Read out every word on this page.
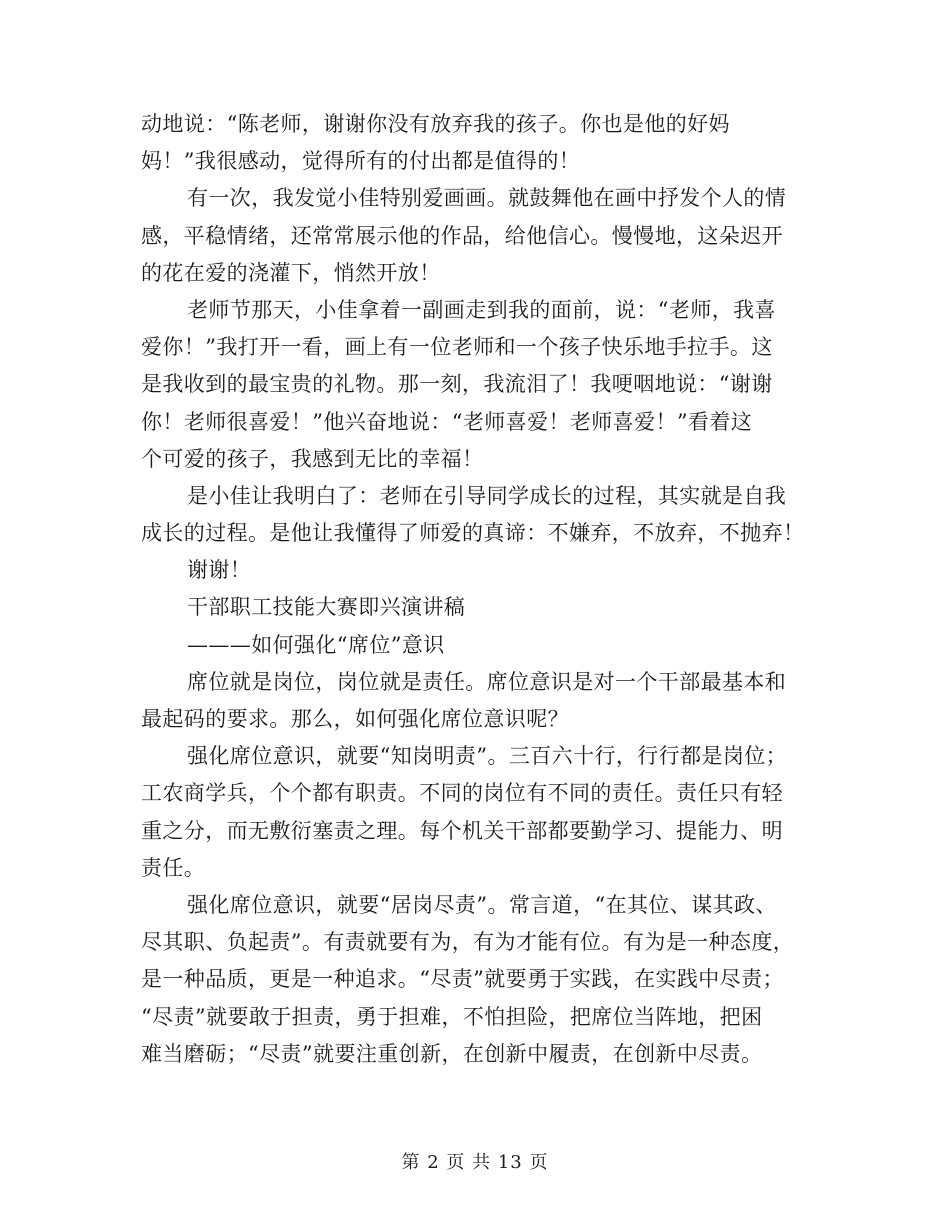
动地说：“陈老师，谢谢你没有放弃我的孩子。你也是他的好妈
妈！”我很感动，觉得所有的付出都是值得的！
有一次，我发觉小佳特别爱画画。就鼓舞他在画中抒发个人的情
感，平稳情绪，还常常展示他的作品，给他信心。慢慢地，这朵迟开
的花在爱的浇灌下，悄然开放！
老师节那天，小佳拿着一副画走到我的面前，说：“老师，我喜
爱你！”我打开一看，画上有一位老师和一个孩子快乐地手拉手。这
是我收到的最宝贵的礼物。那一刻，我流泪了！我哽咽地说：“谢谢
你！老师很喜爱！”他兴奋地说：“老师喜爱！老师喜爱！”看着这
个可爱的孩子，我感到无比的幸福！
是小佳让我明白了：老师在引导同学成长的过程，其实就是自我
成长的过程。是他让我懂得了师爱的真谛：不嫌弃，不放弃，不抛弃！
谢谢！
干部职工技能大赛即兴演讲稿
———如何强化“席位”意识
席位就是岗位，岗位就是责任。席位意识是对一个干部最基本和
最起码的要求。那么，如何强化席位意识呢？
强化席位意识，就要“知岗明责”。三百六十行，行行都是岗位；
工农商学兵，个个都有职责。不同的岗位有不同的责任。责任只有轻
重之分，而无敷衍塞责之理。每个机关干部都要勤学习、提能力、明
责任。
强化席位意识，就要“居岗尽责”。常言道，“在其位、谋其政、
尽其职、负起责”。有责就要有为，有为才能有位。有为是一种态度，
是一种品质，更是一种追求。“尽责”就要勇于实践，在实践中尽责；
“尽责”就要敢于担责，勇于担难，不怕担险，把席位当阵地，把困
难当磨砺；“尽责”就要注重创新，在创新中履责，在创新中尽责。
第 2 页 共 13 页
